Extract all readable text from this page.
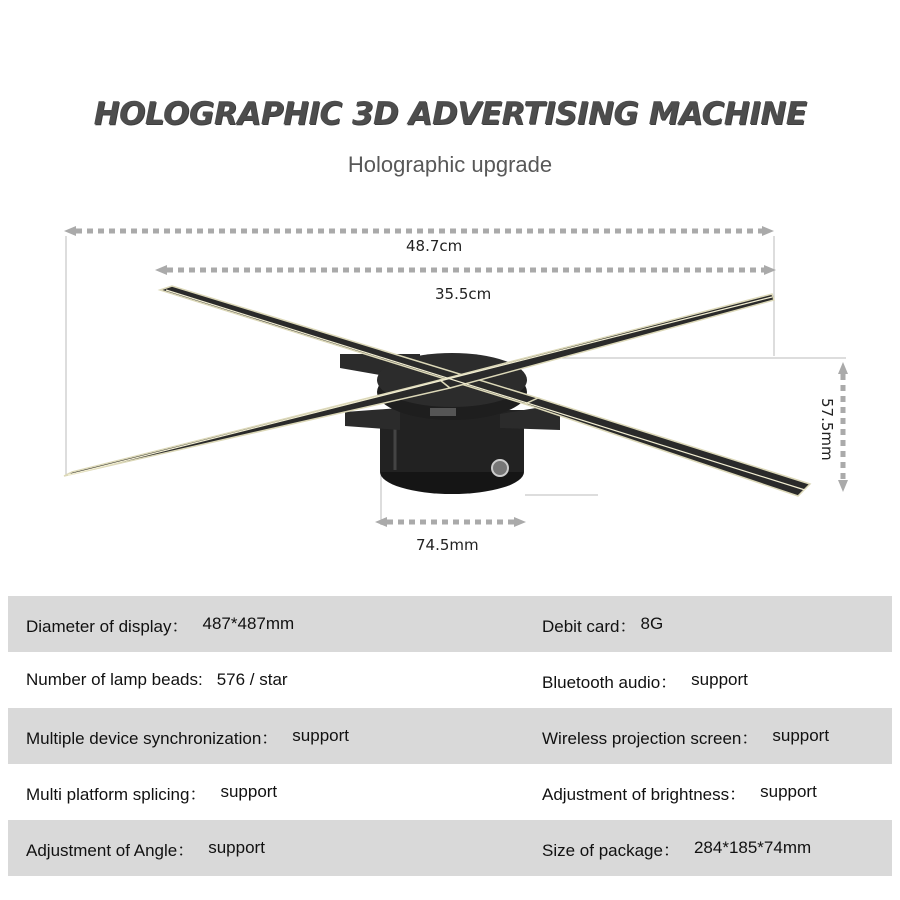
HOLOGRAPHIC 3D ADVERTISING MACHINE
Holographic upgrade
48.7cm
35.5cm
57.5mm
74.5mm
Diameter of display： 487*487mm	Debit card： 8G
Number of lamp beads: 576 / star	Bluetooth audio： support
Multiple device synchronization： support	Wireless projection screen： support
Multi platform splicing： support	Adjustment of brightness： support
Adjustment of Angle： support	Size of package： 284*185*74mm
